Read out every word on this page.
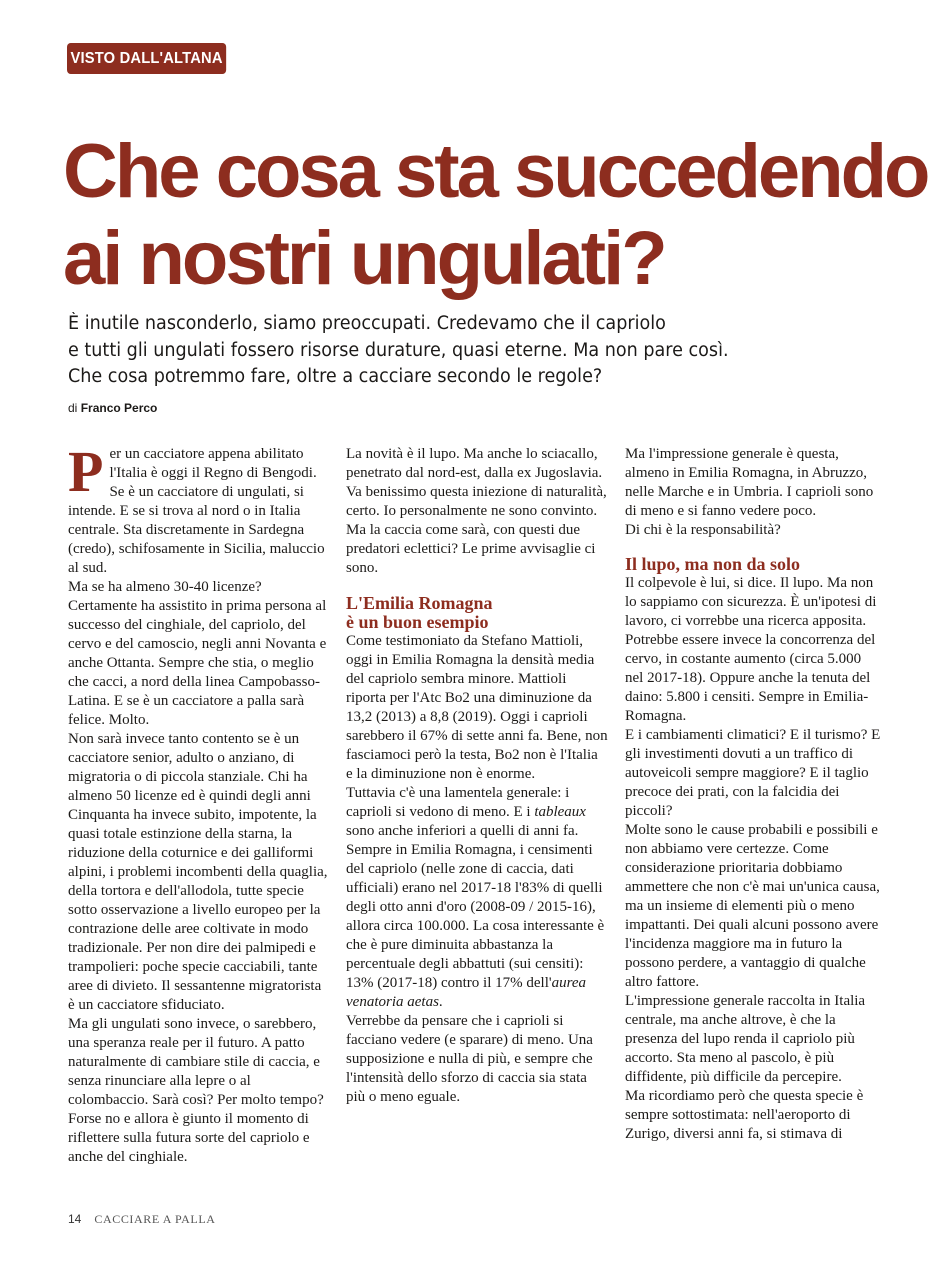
VISTO DALL'ALTANA
Che cosa sta succedendo
ai nostri ungulati?

È inutile nasconderlo, siamo preoccupati. Credevamo che il capriolo
e tutti gli ungulati fossero risorse durature, quasi eterne. Ma non pare così.
Che cosa potremmo fare, oltre a cacciare secondo le regole?

di Franco Perco

Per un cacciatore appena abilitato l'Italia è oggi il Regno di Bengodi. Se è un cacciatore di ungulati, si intende. E se si trova al nord o in Italia centrale. Sta discretamente in Sardegna (credo), schifosamente in Sicilia, maluccio al sud.

Ma se ha almeno 30-40 licenze? Certamente ha assistito in prima persona al successo del cinghiale, del capriolo, del cervo e del camoscio, negli anni Novanta e anche Ottanta. Sempre che stia, o meglio che cacci, a nord della linea Campobasso-Latina. E se è un cacciatore a palla sarà felice. Molto.

Non sarà invece tanto contento se è un cacciatore senior, adulto o anziano, di migratoria o di piccola stanziale. Chi ha almeno 50 licenze ed è quindi degli anni Cinquanta ha invece subito, impotente, la quasi totale estinzione della starna, la riduzione della coturnice e dei galliformi alpini, i problemi incombenti della quaglia, della tortora e dell'allodola, tutte specie sotto osservazione a livello europeo per la contrazione delle aree coltivate in modo tradizionale. Per non dire dei palmipedi e trampolieri: poche specie cacciabili, tante aree di divieto. Il sessantenne migratorista è un cacciatore sfiduciato.

Ma gli ungulati sono invece, o sarebbero, una speranza reale per il futuro. A patto naturalmente di cambiare stile di caccia, e senza rinunciare alla lepre o al colombaccio. Sarà così? Per molto tempo? Forse no e allora è giunto il momento di riflettere sulla futura sorte del capriolo e anche del cinghiale.

La novità è il lupo. Ma anche lo sciacallo, penetrato dal nord-est, dalla ex Jugoslavia.

Va benissimo questa iniezione di naturalità, certo. Io personalmente ne sono convinto. Ma la caccia come sarà, con questi due predatori eclettici? Le prime avvisaglie ci sono.

L'Emilia Romagna
è un buon esempio

Come testimoniato da Stefano Mattioli, oggi in Emilia Romagna la densità media del capriolo sembra minore. Mattioli riporta per l'Atc Bo2 una diminuzione da 13,2 (2013) a 8,8 (2019). Oggi i caprioli sarebbero il 67% di sette anni fa. Bene, non fasciamoci però la testa, Bo2 non è l'Italia e la diminuzione non è enorme.

Tuttavia c'è una lamentela generale: i caprioli si vedono di meno. E i tableaux sono anche inferiori a quelli di anni fa. Sempre in Emilia Romagna, i censimenti del capriolo (nelle zone di caccia, dati ufficiali) erano nel 2017-18 l'83% di quelli degli otto anni d'oro (2008-09 / 2015-16), allora circa 100.000. La cosa interessante è che è pure diminuita abbastanza la percentuale degli abbattuti (sui censiti): 13% (2017-18) contro il 17% dell'aurea venatoria aetas.

Verrebbe da pensare che i caprioli si facciano vedere (e sparare) di meno. Una supposizione e nulla di più, e sempre che l'intensità dello sforzo di caccia sia stata più o meno eguale.

Ma l'impressione generale è questa, almeno in Emilia Romagna, in Abruzzo, nelle Marche e in Umbria. I caprioli sono di meno e si fanno vedere poco.

Di chi è la responsabilità?

Il lupo, ma non da solo

Il colpevole è lui, si dice. Il lupo. Ma non lo sappiamo con sicurezza. È un'ipotesi di lavoro, ci vorrebbe una ricerca apposita. Potrebbe essere invece la concorrenza del cervo, in costante aumento (circa 5.000 nel 2017-18). Oppure anche la tenuta del daino: 5.800 i censiti. Sempre in Emilia-Romagna.

E i cambiamenti climatici? E il turismo? E gli investimenti dovuti a un traffico di autoveicoli sempre maggiore? E il taglio precoce dei prati, con la falcidia dei piccoli?

Molte sono le cause probabili e possibili e non abbiamo vere certezze. Come considerazione prioritaria dobbiamo ammettere che non c'è mai un'unica causa, ma un insieme di elementi più o meno impattanti. Dei quali alcuni possono avere l'incidenza maggiore ma in futuro la possono perdere, a vantaggio di qualche altro fattore.

L'impressione generale raccolta in Italia centrale, ma anche altrove, è che la presenza del lupo renda il capriolo più accorto. Sta meno al pascolo, è più diffidente, più difficile da percepire.

Ma ricordiamo però che questa specie è sempre sottostimata: nell'aeroporto di Zurigo, diversi anni fa, si stimava di

14 CACCIARE A PALLA
